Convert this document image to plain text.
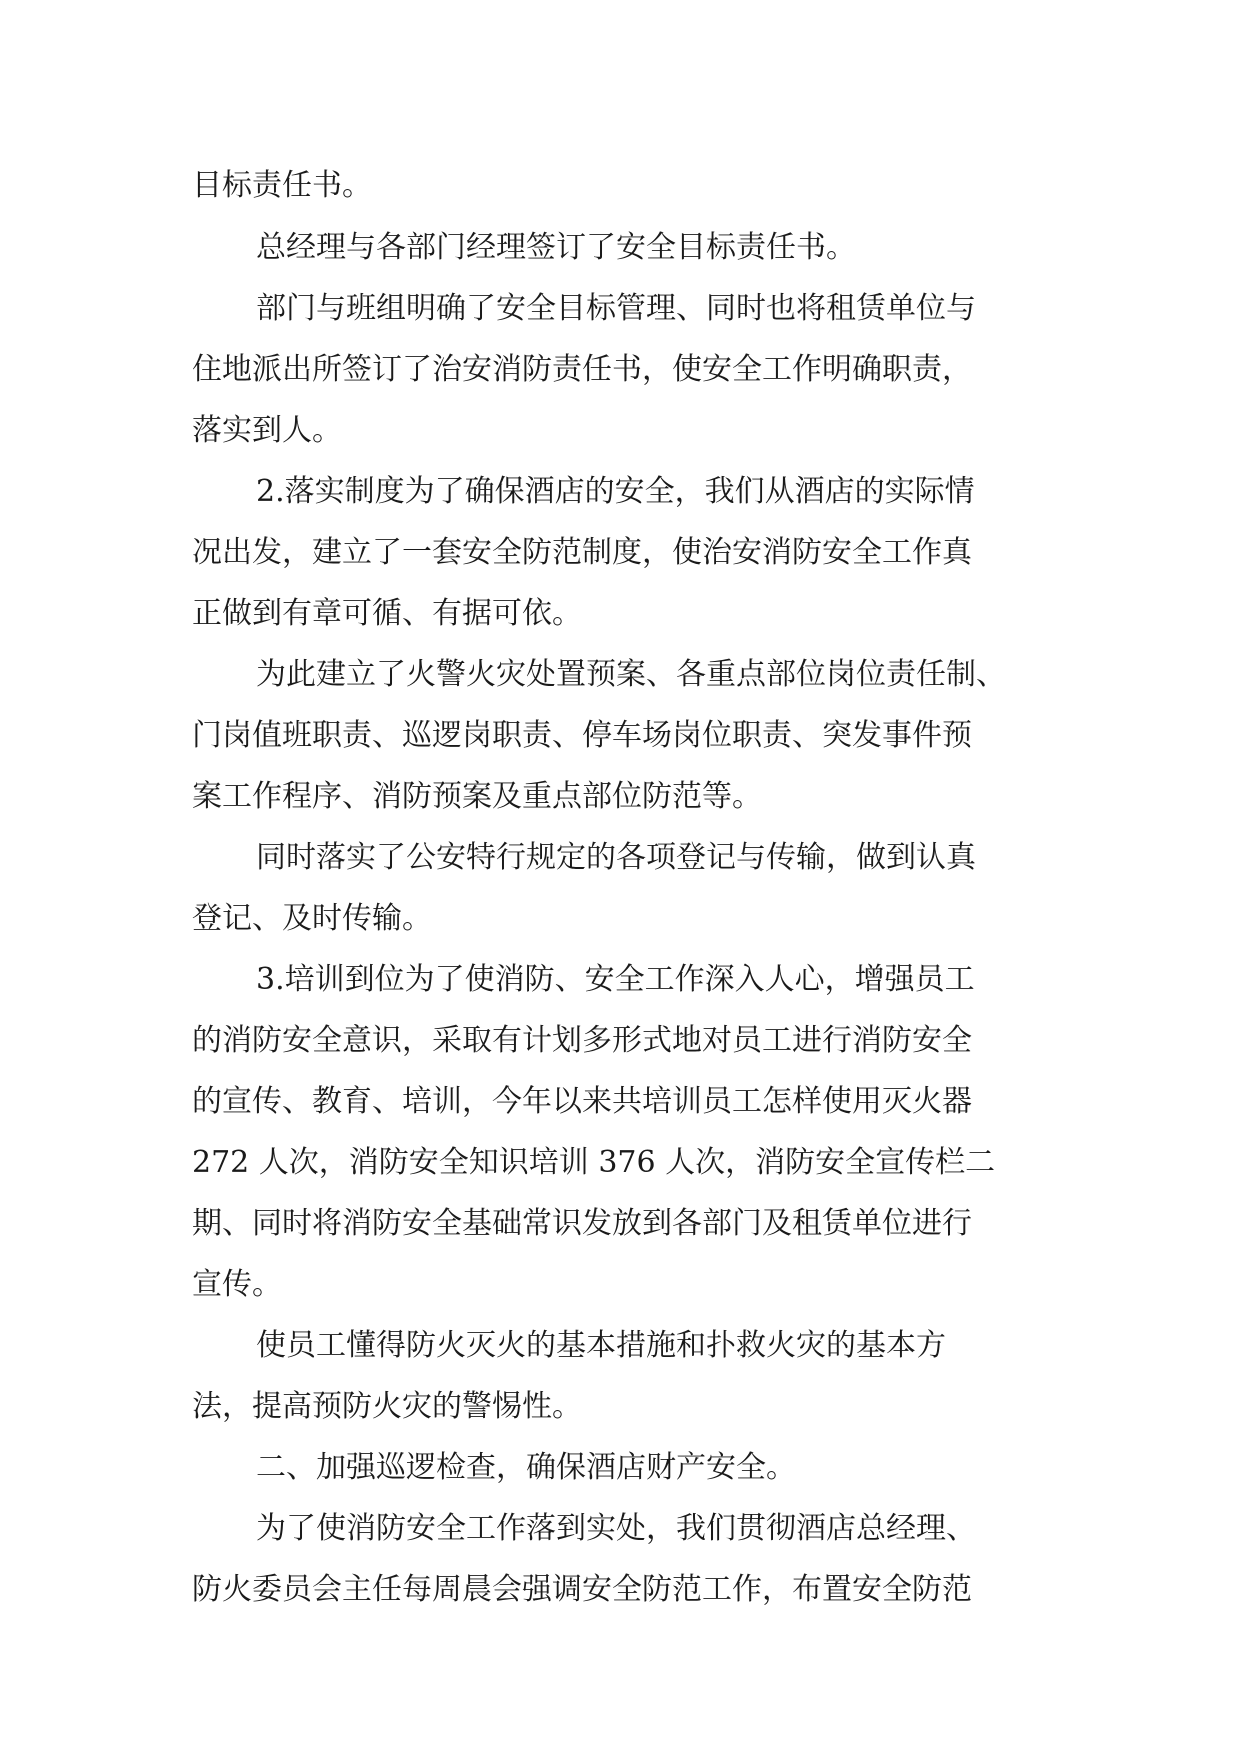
目标责任书。

总经理与各部门经理签订了安全目标责任书。

部门与班组明确了安全目标管理、同时也将租赁单位与

住地派出所签订了治安消防责任书，使安全工作明确职责，

落实到人。

2.落实制度为了确保酒店的安全，我们从酒店的实际情

况出发，建立了一套安全防范制度，使治安消防安全工作真

正做到有章可循、有据可依。

为此建立了火警火灾处置预案、各重点部位岗位责任制、

门岗值班职责、巡逻岗职责、停车场岗位职责、突发事件预

案工作程序、消防预案及重点部位防范等。

同时落实了公安特行规定的各项登记与传输，做到认真

登记、及时传输。

3.培训到位为了使消防、安全工作深入人心，增强员工

的消防安全意识，采取有计划多形式地对员工进行消防安全

的宣传、教育、培训，今年以来共培训员工怎样使用灭火器

272 人次，消防安全知识培训 376 人次，消防安全宣传栏二

期、同时将消防安全基础常识发放到各部门及租赁单位进行

宣传。

使员工懂得防火灭火的基本措施和扑救火灾的基本方

法，提高预防火灾的警惕性。

二、加强巡逻检查，确保酒店财产安全。

为了使消防安全工作落到实处，我们贯彻酒店总经理、

防火委员会主任每周晨会强调安全防范工作，布置安全防范
